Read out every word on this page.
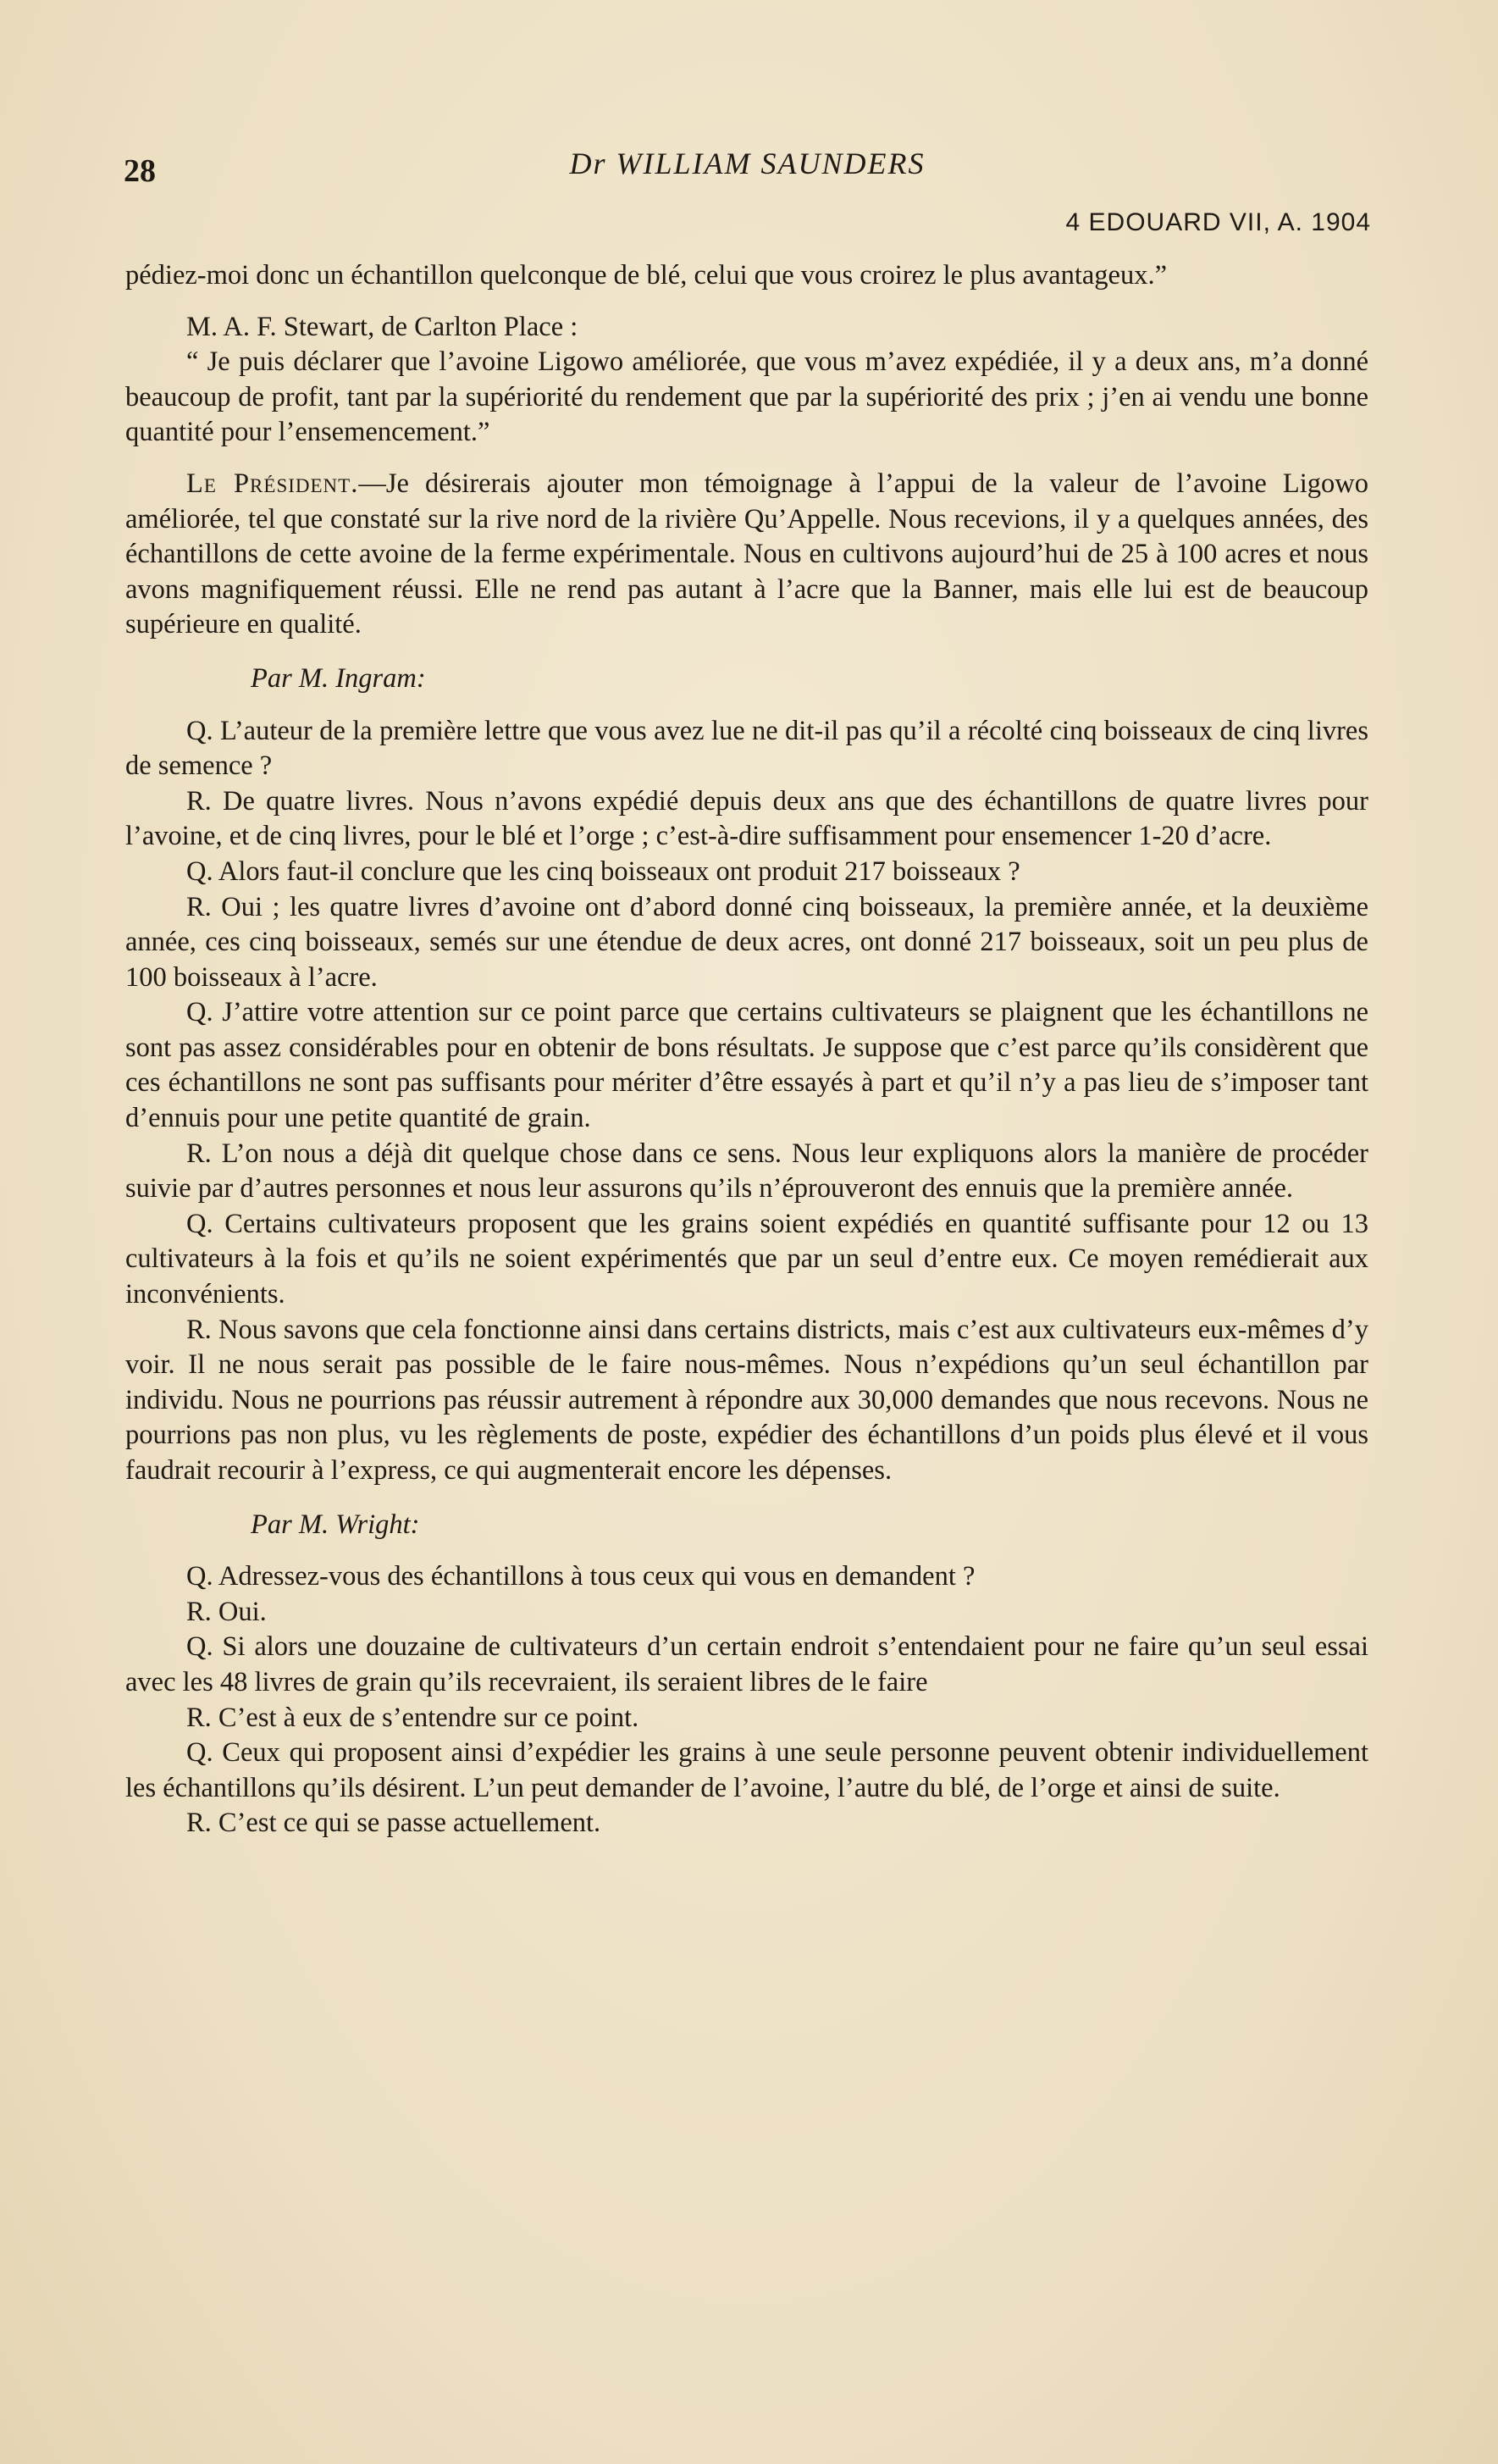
28	Dr WILLIAM SAUNDERS
4 EDOUARD VII, A. 1904

pédiez-moi donc un échantillon quelconque de blé, celui que vous croirez le plus avantageux.”

M. A. F. Stewart, de Carlton Place :

“ Je puis déclarer que l’avoine Ligowo améliorée, que vous m’avez expédiée, il y a deux ans, m’a donné beaucoup de profit, tant par la supériorité du rendement que par la supériorité des prix ; j’en ai vendu une bonne quantité pour l’ensemencement.”

Le Président.—Je désirerais ajouter mon témoignage à l’appui de la valeur de l’avoine Ligowo améliorée, tel que constaté sur la rive nord de la rivière Qu’Appelle. Nous recevions, il y a quelques années, des échantillons de cette avoine de la ferme expérimentale. Nous en cultivons aujourd’hui de 25 à 100 acres et nous avons magnifiquement réussi. Elle ne rend pas autant à l’acre que la Banner, mais elle lui est de beaucoup supérieure en qualité.

Par M. Ingram:

Q. L’auteur de la première lettre que vous avez lue ne dit-il pas qu’il a récolté cinq boisseaux de cinq livres de semence ?

R. De quatre livres. Nous n’avons expédié depuis deux ans que des échantillons de quatre livres pour l’avoine, et de cinq livres, pour le blé et l’orge ; c’est-à-dire suffisamment pour ensemencer 1-20 d’acre.

Q. Alors faut-il conclure que les cinq boisseaux ont produit 217 boisseaux ?

R. Oui ; les quatre livres d’avoine ont d’abord donné cinq boisseaux, la première année, et la deuxième année, ces cinq boisseaux, semés sur une étendue de deux acres, ont donné 217 boisseaux, soit un peu plus de 100 boisseaux à l’acre.

Q. J’attire votre attention sur ce point parce que certains cultivateurs se plaignent que les échantillons ne sont pas assez considérables pour en obtenir de bons résultats. Je suppose que c’est parce qu’ils considèrent que ces échantillons ne sont pas suffisants pour mériter d’être essayés à part et qu’il n’y a pas lieu de s’imposer tant d’ennuis pour une petite quantité de grain.

R. L’on nous a déjà dit quelque chose dans ce sens. Nous leur expliquons alors la manière de procéder suivie par d’autres personnes et nous leur assurons qu’ils n’éprouveront des ennuis que la première année.

Q. Certains cultivateurs proposent que les grains soient expédiés en quantité suffisante pour 12 ou 13 cultivateurs à la fois et qu’ils ne soient expérimentés que par un seul d’entre eux. Ce moyen remédierait aux inconvénients.

R. Nous savons que cela fonctionne ainsi dans certains districts, mais c’est aux cultivateurs eux-mêmes d’y voir. Il ne nous serait pas possible de le faire nous-mêmes. Nous n’expédions qu’un seul échantillon par individu. Nous ne pourrions pas réussir autrement à répondre aux 30,000 demandes que nous recevons. Nous ne pourrions pas non plus, vu les règlements de poste, expédier des échantillons d’un poids plus élevé et il vous faudrait recourir à l’express, ce qui augmenterait encore les dépenses.

Par M. Wright:

Q. Adressez-vous des échantillons à tous ceux qui vous en demandent ?

R. Oui.

Q. Si alors une douzaine de cultivateurs d’un certain endroit s’entendaient pour ne faire qu’un seul essai avec les 48 livres de grain qu’ils recevraient, ils seraient libres de le faire

R. C’est à eux de s’entendre sur ce point.

Q. Ceux qui proposent ainsi d’expédier les grains à une seule personne peuvent obtenir individuellement les échantillons qu’ils désirent. L’un peut demander de l’avoine, l’autre du blé, de l’orge et ainsi de suite.

R. C’est ce qui se passe actuellement.
